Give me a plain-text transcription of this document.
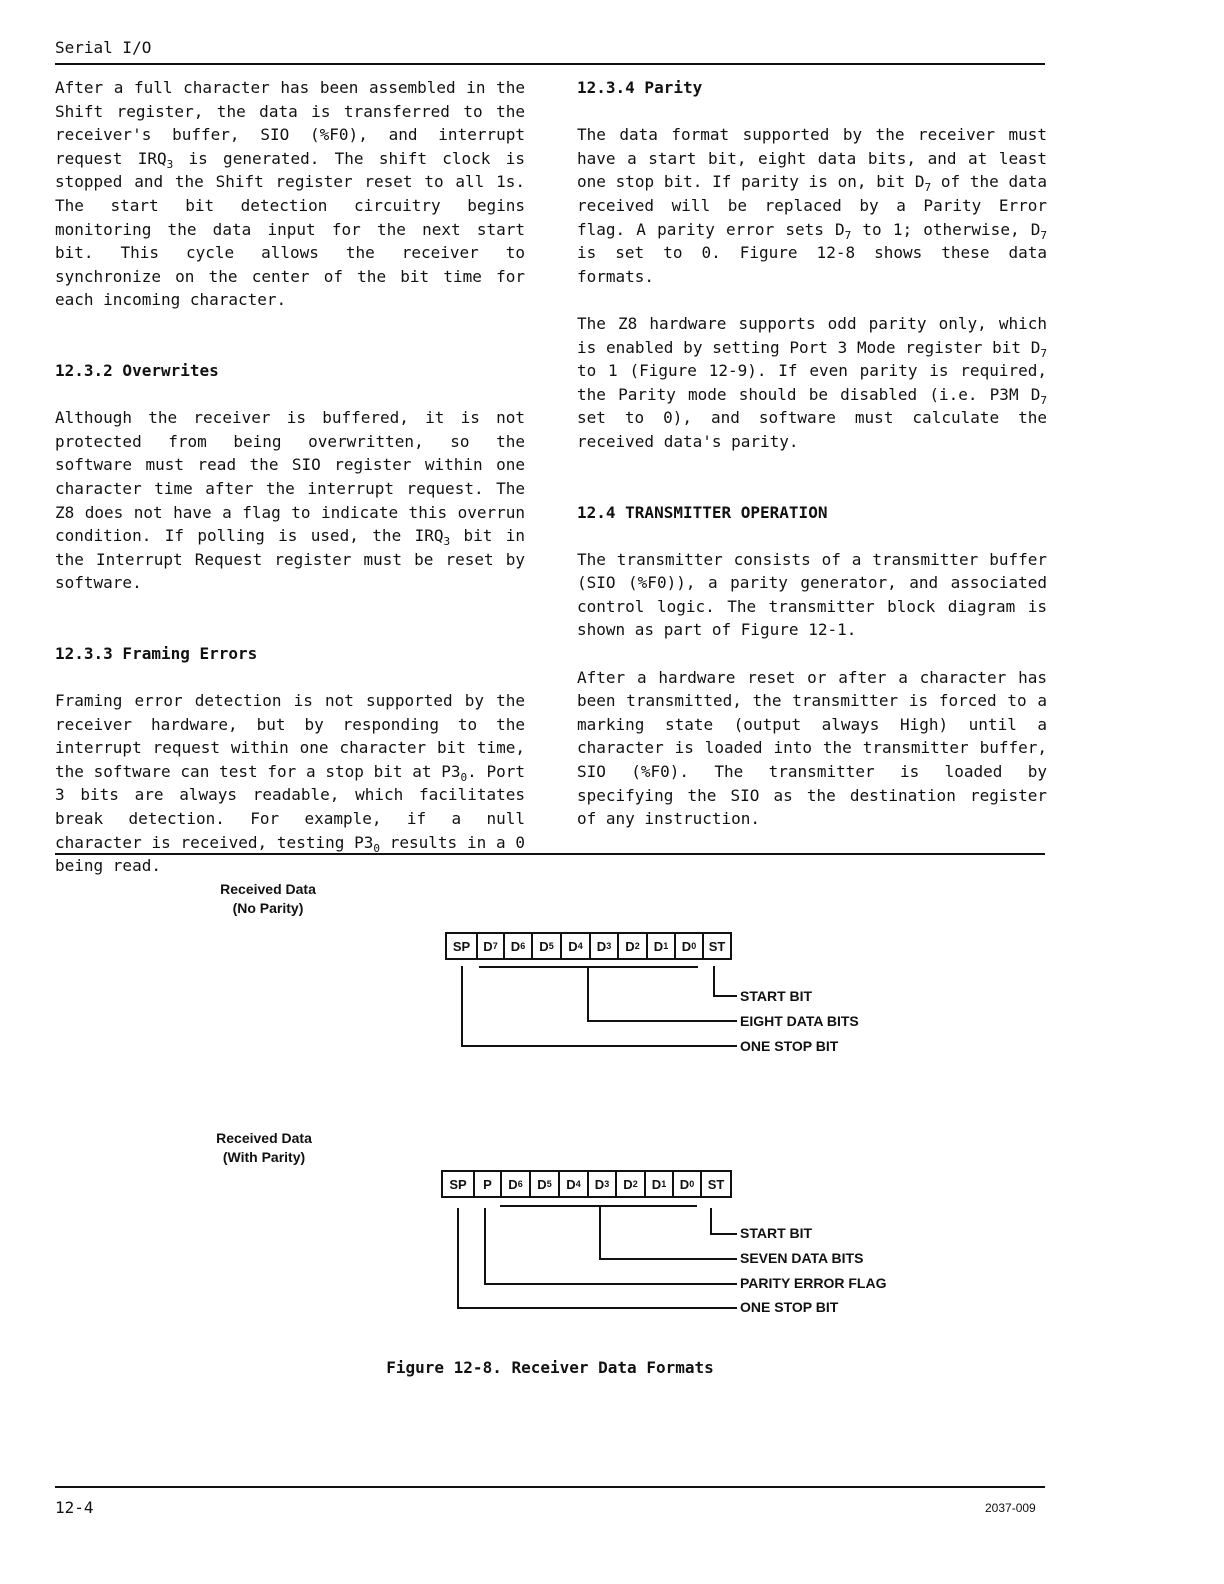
Serial I/O

After a full character has been assembled in the Shift register, the data is transferred to the receiver's buffer, SIO (%F0), and interrupt request $IRQ_3$ is generated. The shift clock is stopped and the Shift register reset to all 1s. The start bit detection circuitry begins monitoring the data input for the next start bit. This cycle allows the receiver to synchronize on the center of the bit time for each incoming character.

12.3.2 Overwrites

Although the receiver is buffered, it is not protected from being overwritten, so the software must read the SIO register within one character time after the interrupt request. The Z8 does not have a flag to indicate this overrun condition. If polling is used, the $IRQ_3$ bit in the Interrupt Request register must be reset by software.

12.3.3 Framing Errors

Framing error detection is not supported by the receiver hardware, but by responding to the interrupt request within one character bit time, the software can test for a stop bit at $P3_0$. Port 3 bits are always readable, which facilitates break detection. For example, if a null character is received, testing $P3_0$ results in a 0 being read.

12.3.4 Parity

The data format supported by the receiver must have a start bit, eight data bits, and at least one stop bit. If parity is on, bit $D_7$ of the data received will be replaced by a Parity Error flag. A parity error sets $D_7$ to 1; otherwise, $D_7$ is set to 0. Figure 12-8 shows these data formats.

The Z8 hardware supports odd parity only, which is enabled by setting Port 3 Mode register bit $D_7$ to 1 (Figure 12-9). If even parity is required, the Parity mode should be disabled (i.e. P3M $D_7$ set to 0), and software must calculate the received data's parity.

12.4 TRANSMITTER OPERATION

The transmitter consists of a transmitter buffer (SIO (%F0)), a parity generator, and associated control logic. The transmitter block diagram is shown as part of Figure 12-1.

After a hardware reset or after a character has been transmitted, the transmitter is forced to a marking state (output always High) until a character is loaded into the transmitter buffer, SIO (%F0). The transmitter is loaded by specifying the SIO as the destination register of any instruction.

Received Data
(No Parity)
SP	D 7	D 6	D 5	D 4	D 3	D 2	D 1	D 0 ST
START BIT
EIGHT DATA BITS
ONE STOP BIT
Received Data
(With Parity)
SP	P	D 6	D 5	D 4	D 3	D 2	D 1	D 0	ST
START BIT
SEVEN DATA BITS
PARITY ERROR FLAG
ONE STOP BIT
Figure 12-8. Receiver Data Formats
12-4	2037-009
